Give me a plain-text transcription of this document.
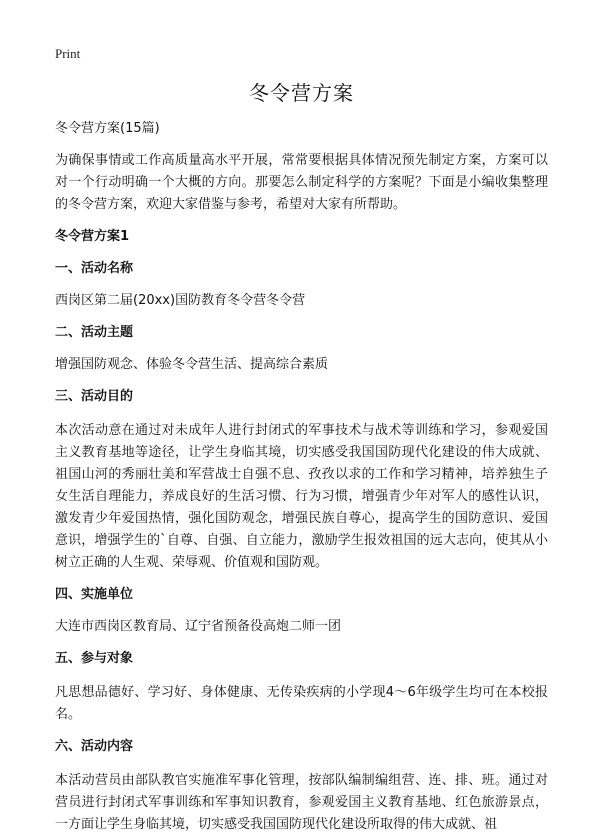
Print
冬令营方案
冬令营方案(15篇)

为确保事情或工作高质量高水平开展，常常要根据具体情况预先制定方案，方案可以对一个行动明确一个大概的方向。那要怎么制定科学的方案呢？下面是小编收集整理的冬令营方案，欢迎大家借鉴与参考，希望对大家有所帮助。

冬令营方案1
一、活动名称
西岗区第二届(20xx)国防教育冬令营冬令营
二、活动主题
增强国防观念、体验冬令营生活、提高综合素质
三、活动目的

本次活动意在通过对未成年人进行封闭式的军事技术与战术等训练和学习，参观爱国主义教育基地等途径，让学生身临其境，切实感受我国国防现代化建设的伟大成就、祖国山河的秀丽壮美和军营战士自强不息、孜孜以求的工作和学习精神，培养独生子女生活自理能力，养成良好的生活习惯、行为习惯，增强青少年对军人的感性认识，激发青少年爱国热情，强化国防观念，增强民族自尊心，提高学生的国防意识、爱国意识，增强学生的`自尊、自强、自立能力，激励学生报效祖国的远大志向，使其从小树立正确的人生观、荣辱观、价值观和国防观。

四、实施单位
大连市西岗区教育局、辽宁省预备役高炮二师一团
五、参与对象

凡思想品德好、学习好、身体健康、无传染疾病的小学现4～6年级学生均可在本校报名。

六、活动内容

本活动营员由部队教官实施准军事化管理，按部队编制编组营、连、排、班。通过对营员进行封闭式军事训练和军事知识教育，参观爱国主义教育基地、红色旅游景点，一方面让学生身临其境，切实感受我国国防现代化建设所取得的伟大成就、祖
